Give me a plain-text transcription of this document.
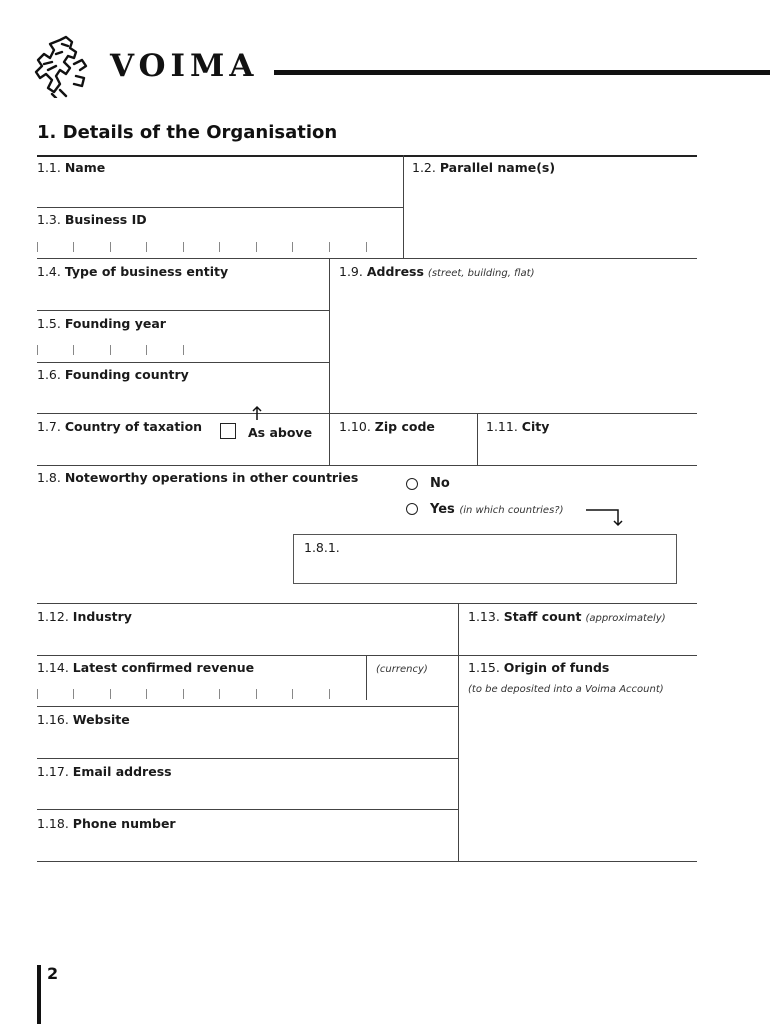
VOIMA
1. Details of the Organisation
1.1. Name	1.2. Parallel name(s)
1.3. Business ID
1.4. Type of business entity
1.5. Founding year
1.6. Founding country
1.7. Country of taxation	As above
1.9. Address (street, building, flat)
1.10. Zip code	1.11. City
1.8. Noteworthy operations in other countries	No
Yes (in which countries?)
1.8.1.
1.12. Industry	1.13. Staff count (approximately)
1.14. Latest confirmed revenue	(currency)	1.15. Origin of funds
(to be deposited into a Voima Account)
1.16. Website
1.17. Email address
1.18. Phone number
2
